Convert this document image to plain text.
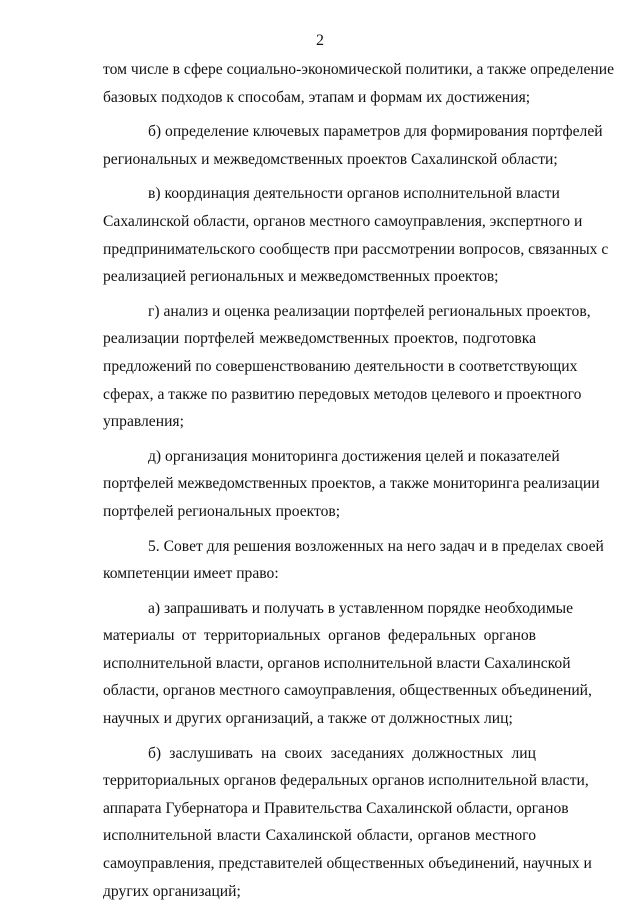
2
том числе в сфере социально-экономической политики, а также определение
базовых подходов к способам, этапам и формам их достижения;
б) определение ключевых параметров для формирования портфелей
региональных и межведомственных проектов Сахалинской области;
в) координация деятельности органов исполнительной власти
Сахалинской области, органов местного самоуправления, экспертного и
предпринимательского сообществ при рассмотрении вопросов, связанных с
реализацией региональных и межведомственных проектов;
г) анализ и оценка реализации портфелей региональных проектов,
реализации портфелей межведомственных проектов, подготовка
предложений по совершенствованию деятельности в соответствующих
сферах, а также по развитию передовых методов целевого и проектного
управления;
д) организация мониторинга достижения целей и показателей
портфелей межведомственных проектов, а также мониторинга реализации
портфелей региональных проектов;
5. Совет для решения возложенных на него задач и в пределах своей
компетенции имеет право:
а) запрашивать и получать в уставленном порядке необходимые
материалы от территориальных органов федеральных органов
исполнительной власти, органов исполнительной власти Сахалинской
области, органов местного самоуправления, общественных объединений,
научных и других организаций, а также от должностных лиц;
б) заслушивать на своих заседаниях должностных лиц
территориальных органов федеральных органов исполнительной власти,
аппарата Губернатора и Правительства Сахалинской области, органов
исполнительной власти Сахалинской области, органов местного
самоуправления, представителей общественных объединений, научных и
других организаций;
